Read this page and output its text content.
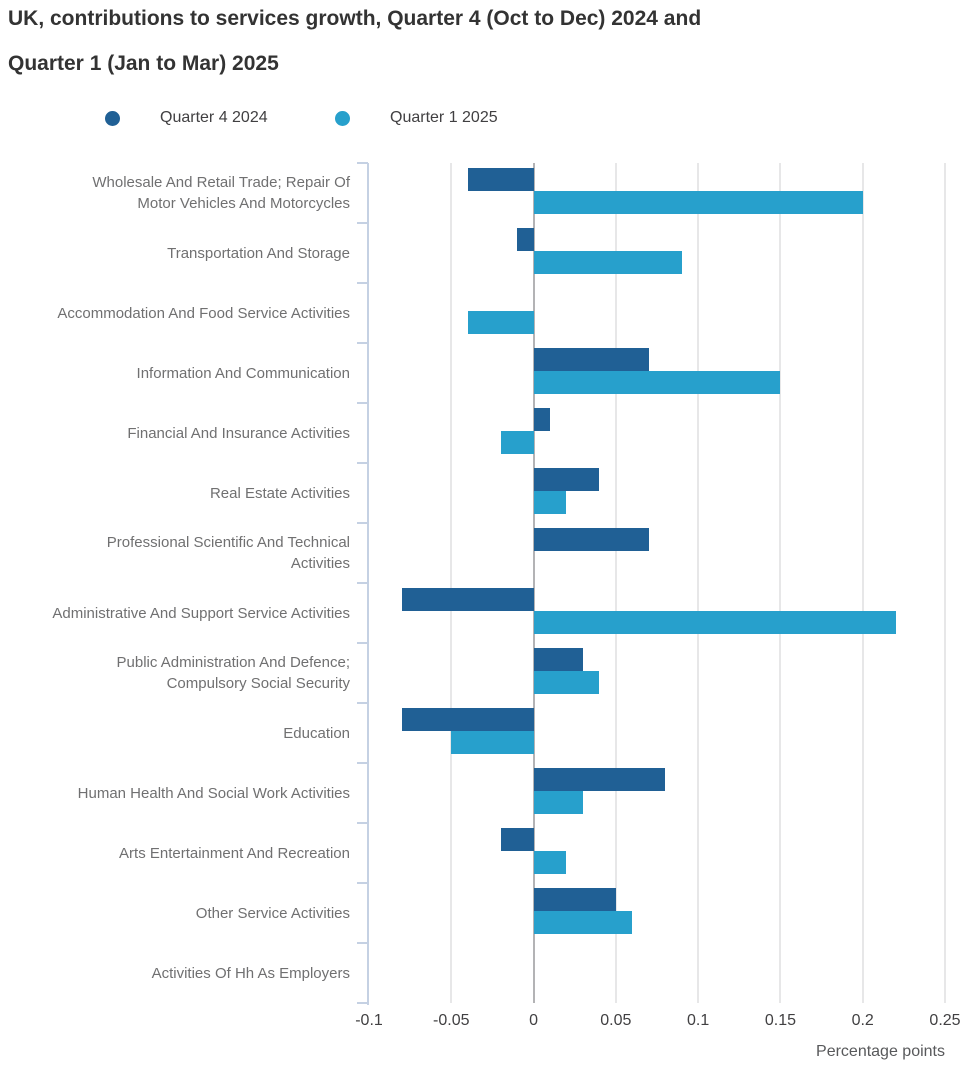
UK, contributions to services growth, Quarter 4 (Oct to Dec) 2024 and
Quarter 1 (Jan to Mar) 2025
Quarter 4 2024	Quarter 1 2025
Wholesale And Retail Trade; Repair Of Motor Vehicles And Motorcycles
Transportation And Storage
Accommodation And Food Service Activities
Information And Communication
Financial And Insurance Activities
Real Estate Activities
Professional Scientific And Technical Activities
Administrative And Support Service Activities
Public Administration And Defence; Compulsory Social Security
Education
Human Health And Social Work Activities
Arts Entertainment And Recreation
Other Service Activities
Activities Of Hh As Employers
Percentage points
-0.1	-0.05	0	0.05	0.1	0.15	0.2	0.25
